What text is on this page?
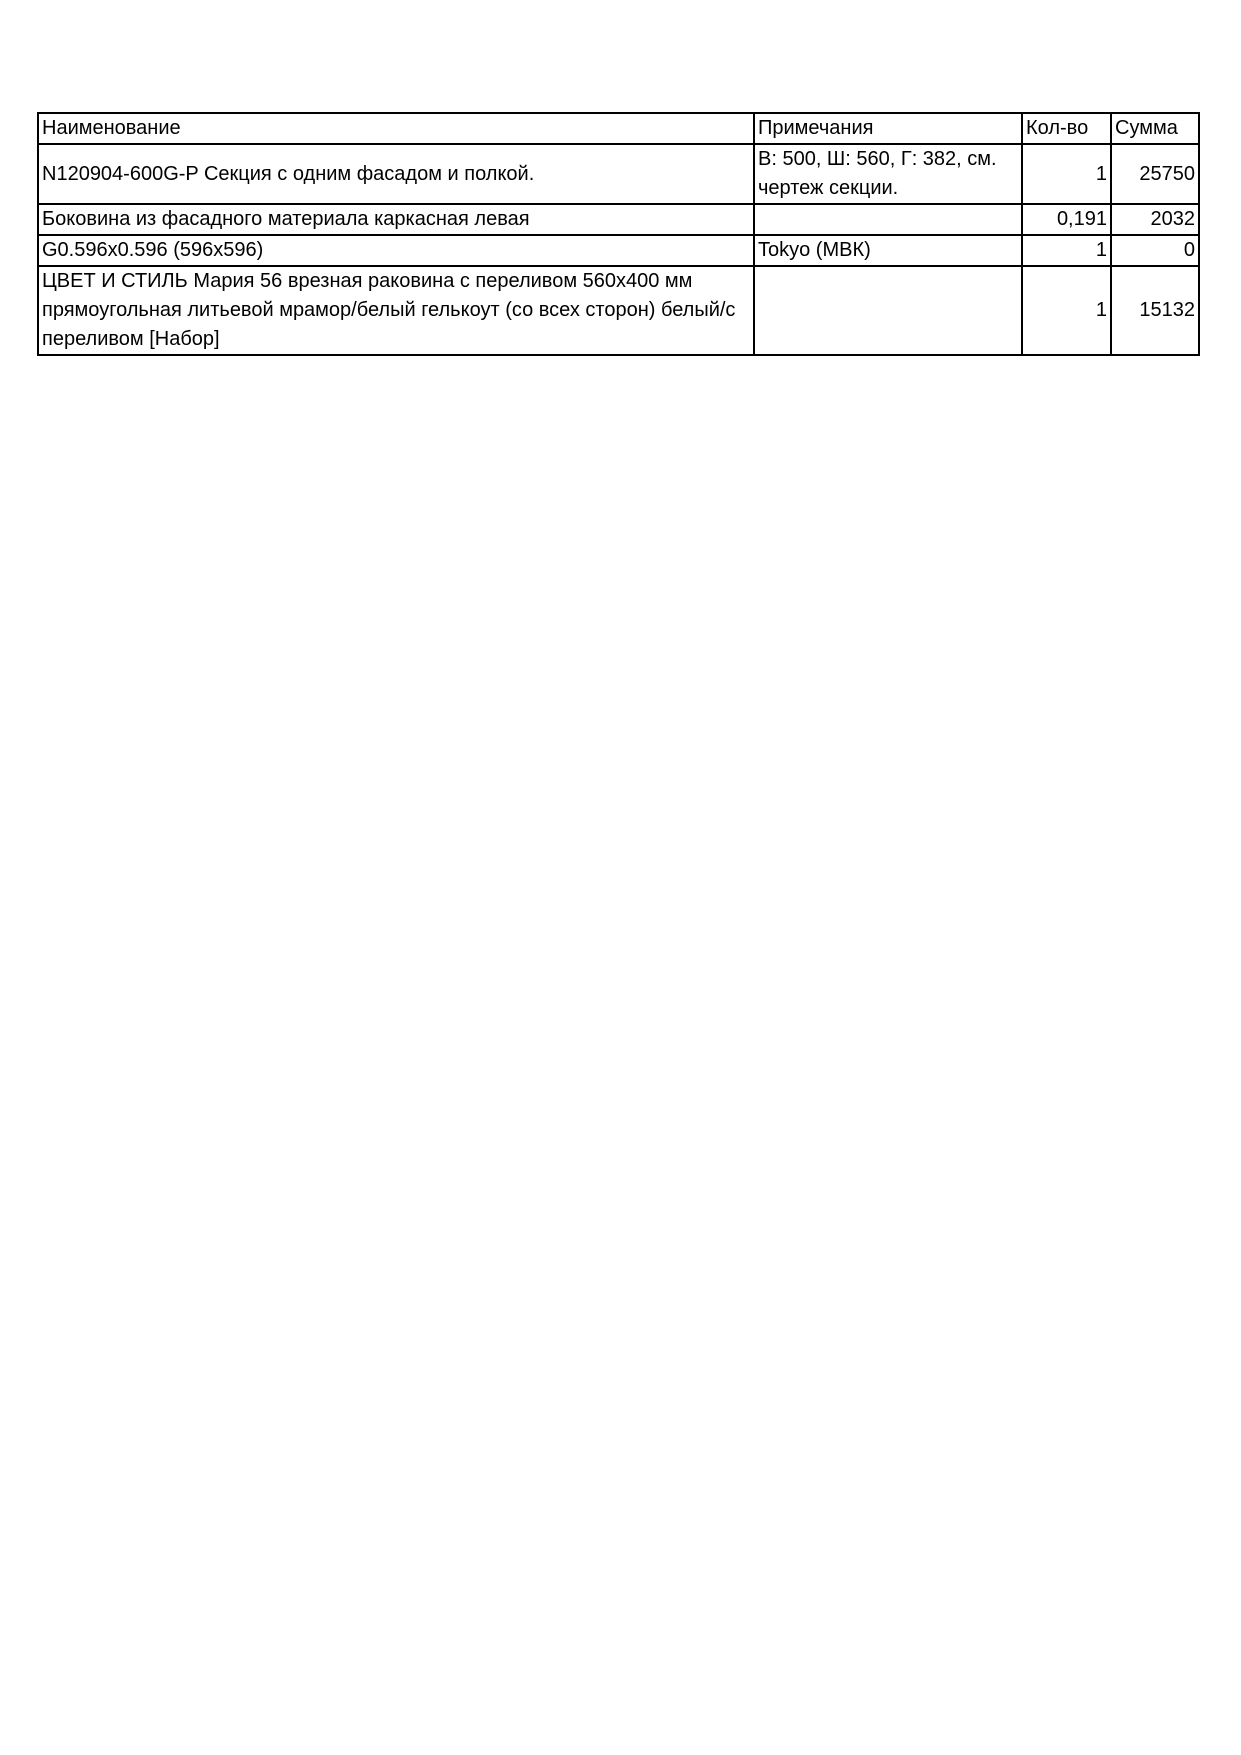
Наименование	Примечания	Кол-во	Сумма
N120904-600G-P Секция с одним фасадом и полкой.	В: 500, Ш: 560, Г: 382, см. чертеж секции.	1	25750
Боковина из фасадного материала каркасная левая		0,191	2032
G0.596x0.596 (596x596)	Tokyo (МВК)	1	0
ЦВЕТ И СТИЛЬ Мария 56 врезная раковина с переливом 560х400 мм прямоугольная литьевой мрамор/белый гелькоут (со всех сторон) белый/с переливом [Набор]		1	15132
